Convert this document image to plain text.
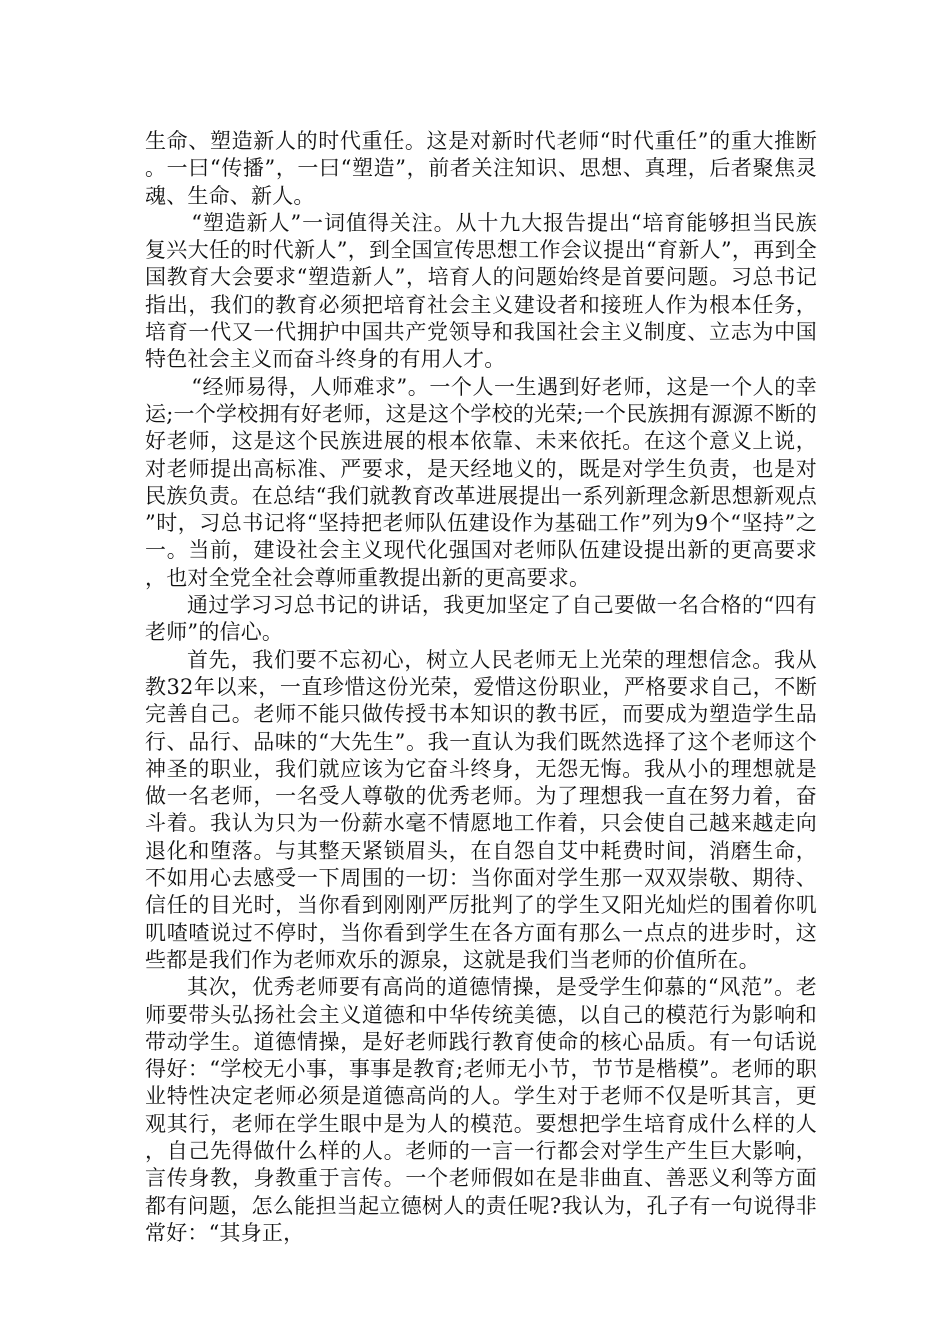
生命、塑造新人的时代重任。这是对新时代老师“时代重任”的重大推断。一曰“传播”，一曰“塑造”，前者关注知识、思想、真理，后者聚焦灵魂、生命、新人。

“塑造新人”一词值得关注。从十九大报告提出“培育能够担当民族复兴大任的时代新人”，到全国宣传思想工作会议提出“育新人”，再到全国教育大会要求“塑造新人”，培育人的问题始终是首要问题。习总书记指出，我们的教育必须把培育社会主义建设者和接班人作为根本任务，培育一代又一代拥护中国共产党领导和我国社会主义制度、立志为中国特色社会主义而奋斗终身的有用人才。

“经师易得，人师难求”。一个人一生遇到好老师，这是一个人的幸运;一个学校拥有好老师，这是这个学校的光荣;一个民族拥有源源不断的好老师，这是这个民族进展的根本依靠、未来依托。在这个意义上说，对老师提出高标准、严要求，是天经地义的，既是对学生负责，也是对民族负责。在总结“我们就教育改革进展提出一系列新理念新思想新观点”时，习总书记将“坚持把老师队伍建设作为基础工作”列为9个“坚持”之一。当前，建设社会主义现代化强国对老师队伍建设提出新的更高要求，也对全党全社会尊师重教提出新的更高要求。

通过学习习总书记的讲话，我更加坚定了自己要做一名合格的“四有老师”的信心。

首先，我们要不忘初心，树立人民老师无上光荣的理想信念。我从教32年以来，一直珍惜这份光荣，爱惜这份职业，严格要求自己，不断完善自己。老师不能只做传授书本知识的教书匠，而要成为塑造学生品行、品行、品味的“大先生”。我一直认为我们既然选择了这个老师这个神圣的职业，我们就应该为它奋斗终身，无怨无悔。我从小的理想就是做一名老师，一名受人尊敬的优秀老师。为了理想我一直在努力着，奋斗着。我认为只为一份薪水毫不情愿地工作着，只会使自己越来越走向退化和堕落。与其整天紧锁眉头，在自怨自艾中耗费时间，消磨生命，不如用心去感受一下周围的一切：当你面对学生那一双双崇敬、期待、信任的目光时，当你看到刚刚严厉批判了的学生又阳光灿烂的围着你叽叽喳喳说过不停时，当你看到学生在各方面有那么一点点的进步时，这些都是我们作为老师欢乐的源泉，这就是我们当老师的价值所在。

其次，优秀老师要有高尚的道德情操，是受学生仰慕的“风范”。老师要带头弘扬社会主义道德和中华传统美德，以自己的模范行为影响和带动学生。道德情操，是好老师践行教育使命的核心品质。有一句话说得好：“学校无小事，事事是教育;老师无小节，节节是楷模”。老师的职业特性决定老师必须是道德高尚的人。学生对于老师不仅是听其言，更观其行，老师在学生眼中是为人的模范。要想把学生培育成什么样的人，自己先得做什么样的人。老师的一言一行都会对学生产生巨大影响，言传身教，身教重于言传。一个老师假如在是非曲直、善恶义利等方面都有问题，怎么能担当起立德树人的责任呢?我认为，孔子有一句说得非常好：“其身正，
